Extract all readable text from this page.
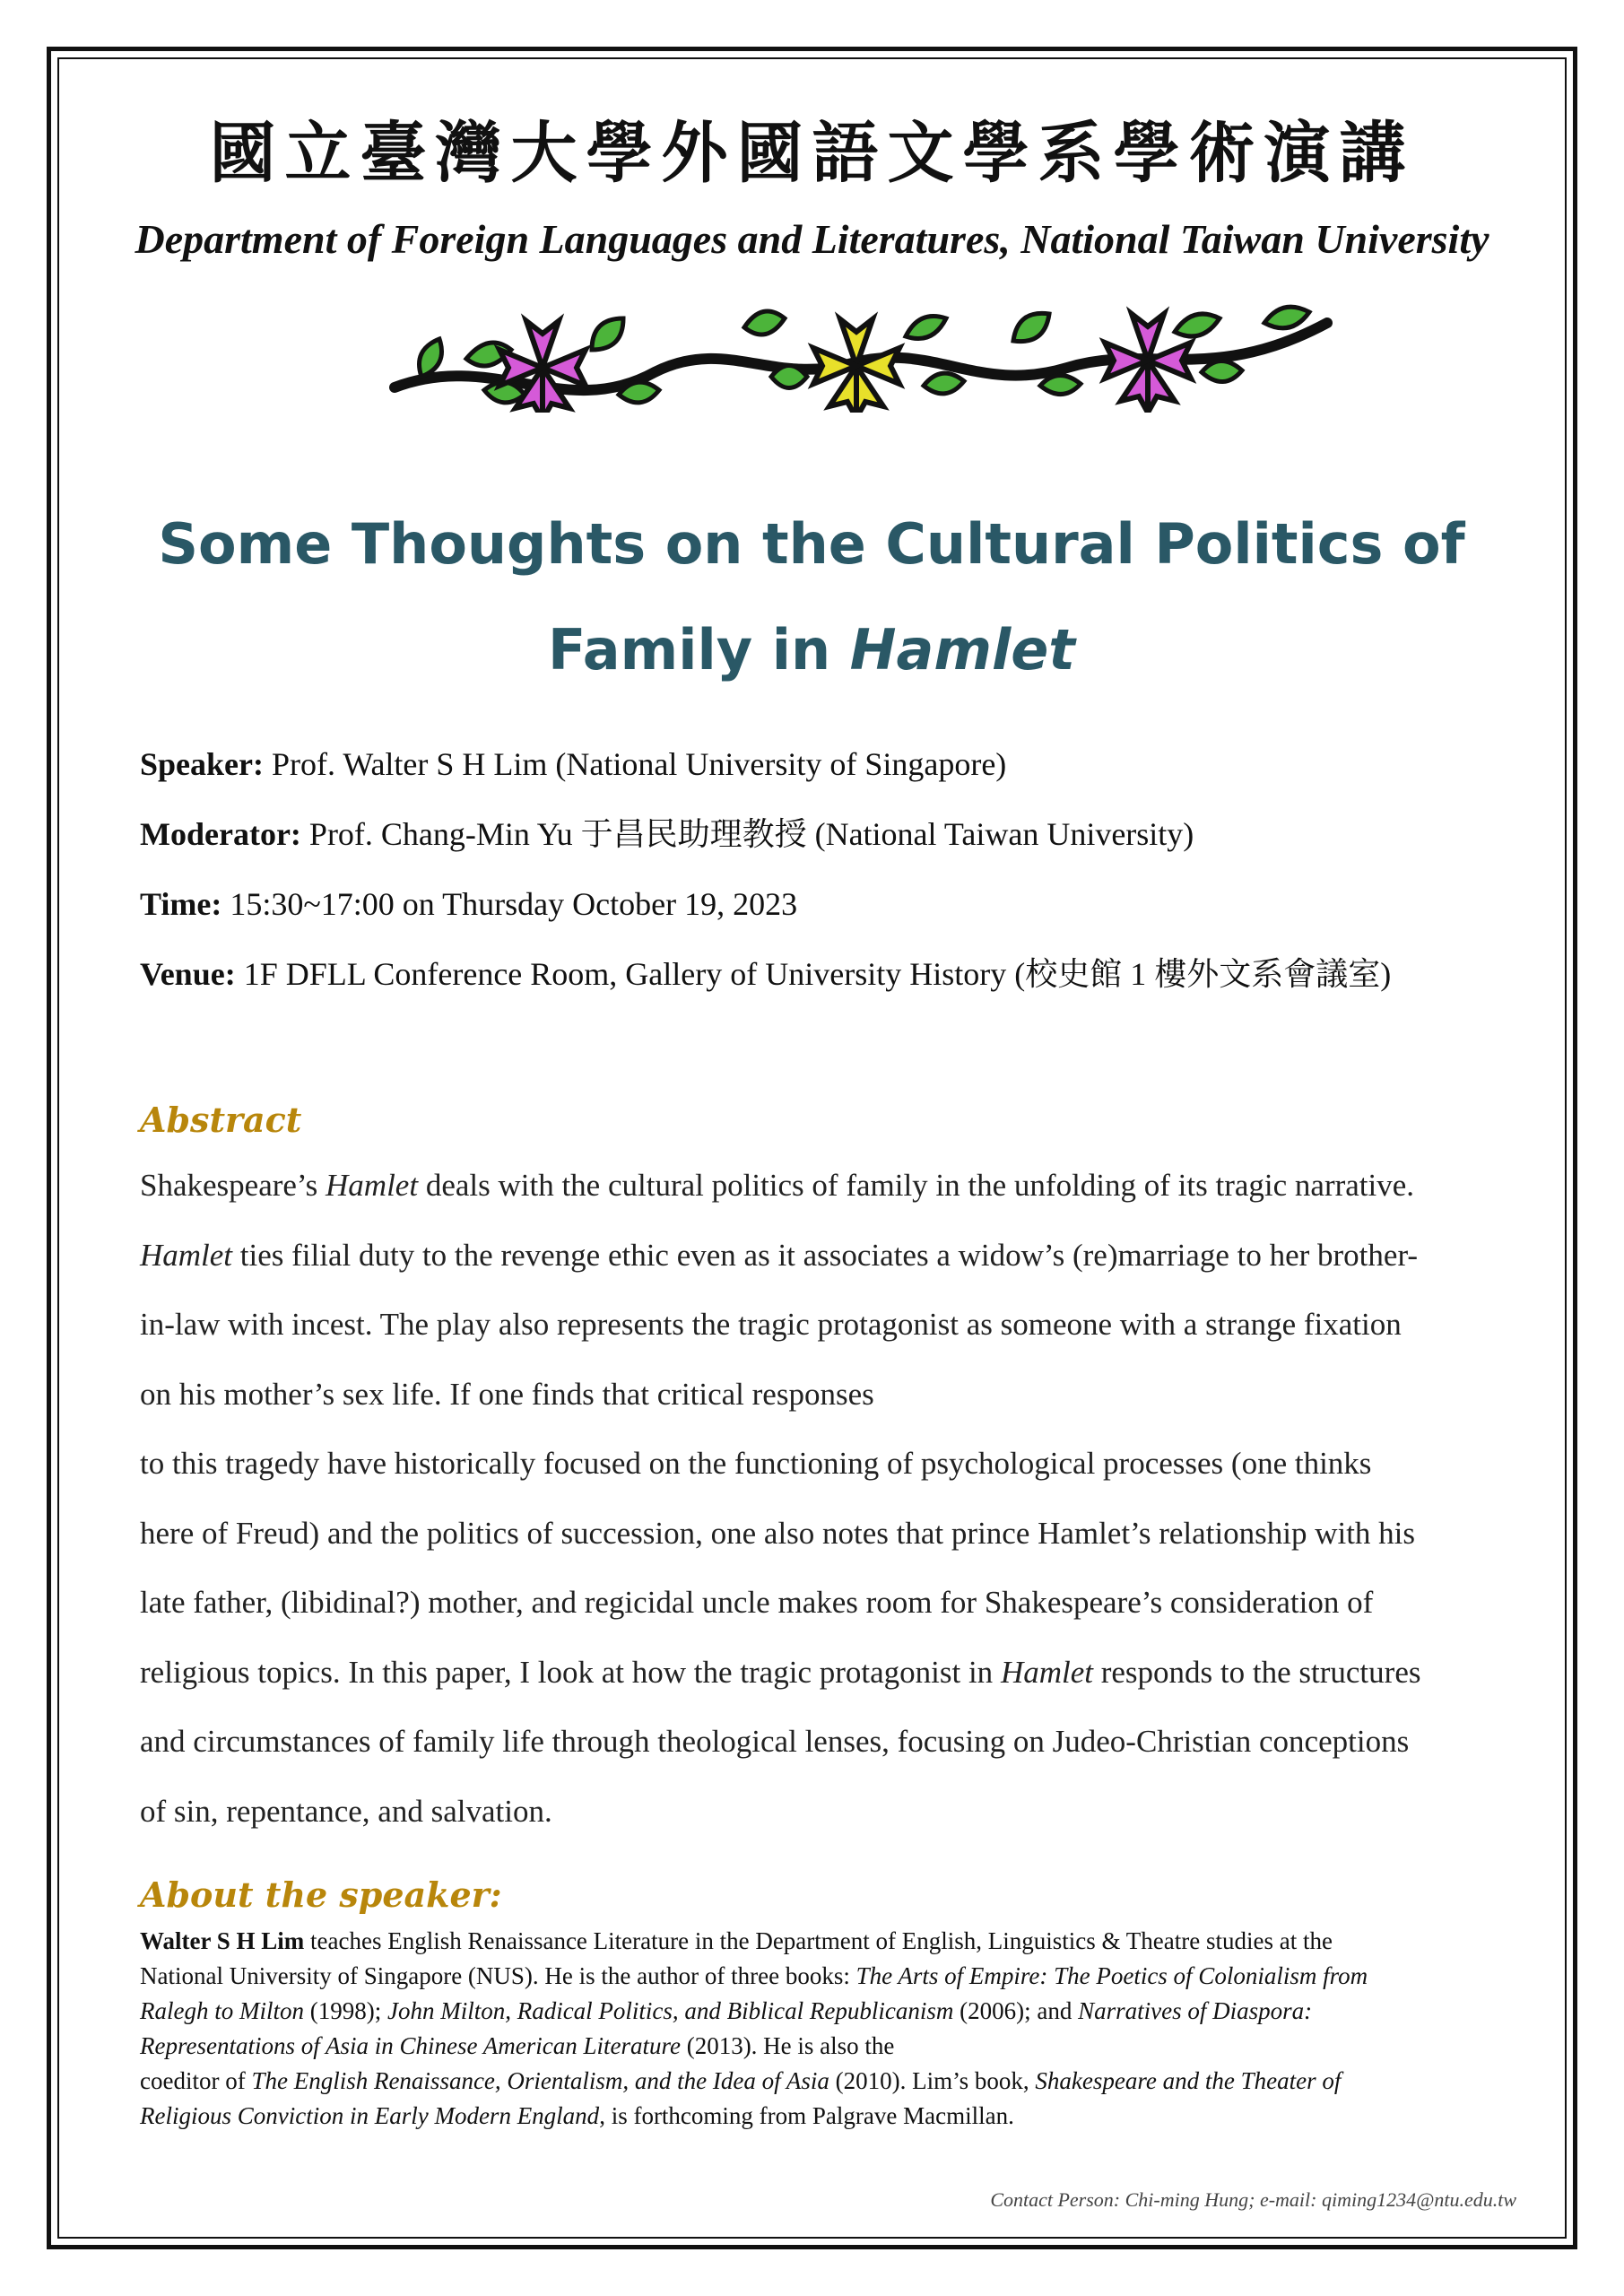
國立臺灣大學外國語文學系學術演講
Department of Foreign Languages and Literatures, National Taiwan University
Some Thoughts on the Cultural Politics of
Family in Hamlet
Speaker: Prof. Walter S H Lim (National University of Singapore)
Moderator: Prof. Chang-Min Yu 于昌民助理教授 (National Taiwan University)
Time: 15:30~17:00 on Thursday October 19, 2023
Venue: 1F DFLL Conference Room, Gallery of University History (校史館 1 樓外文系會議室)
Abstract
Shakespeare’s Hamlet deals with the cultural politics of family in the unfolding of its tragic narrative.
Hamlet ties filial duty to the revenge ethic even as it associates a widow’s (re)marriage to her brother-
in-law with incest. The play also represents the tragic protagonist as someone with a strange fixation
on his mother’s sex life. If one finds that critical responses
to this tragedy have historically focused on the functioning of psychological processes (one thinks
here of Freud) and the politics of succession, one also notes that prince Hamlet’s relationship with his
late father, (libidinal?) mother, and regicidal uncle makes room for Shakespeare’s consideration of
religious topics. In this paper, I look at how the tragic protagonist in Hamlet responds to the structures
and circumstances of family life through theological lenses, focusing on Judeo-Christian conceptions
of sin, repentance, and salvation.
About the speaker:
Walter S H Lim teaches English Renaissance Literature in the Department of English, Linguistics & Theatre studies at the
National University of Singapore (NUS). He is the author of three books: The Arts of Empire: The Poetics of Colonialism from
Ralegh to Milton (1998); John Milton, Radical Politics, and Biblical Republicanism (2006); and Narratives of Diaspora:
Representations of Asia in Chinese American Literature (2013). He is also the
coeditor of The English Renaissance, Orientalism, and the Idea of Asia (2010). Lim’s book, Shakespeare and the Theater of
Religious Conviction in Early Modern England, is forthcoming from Palgrave Macmillan.
Contact Person: Chi-ming Hung; e-mail: qiming1234@ntu.edu.tw
